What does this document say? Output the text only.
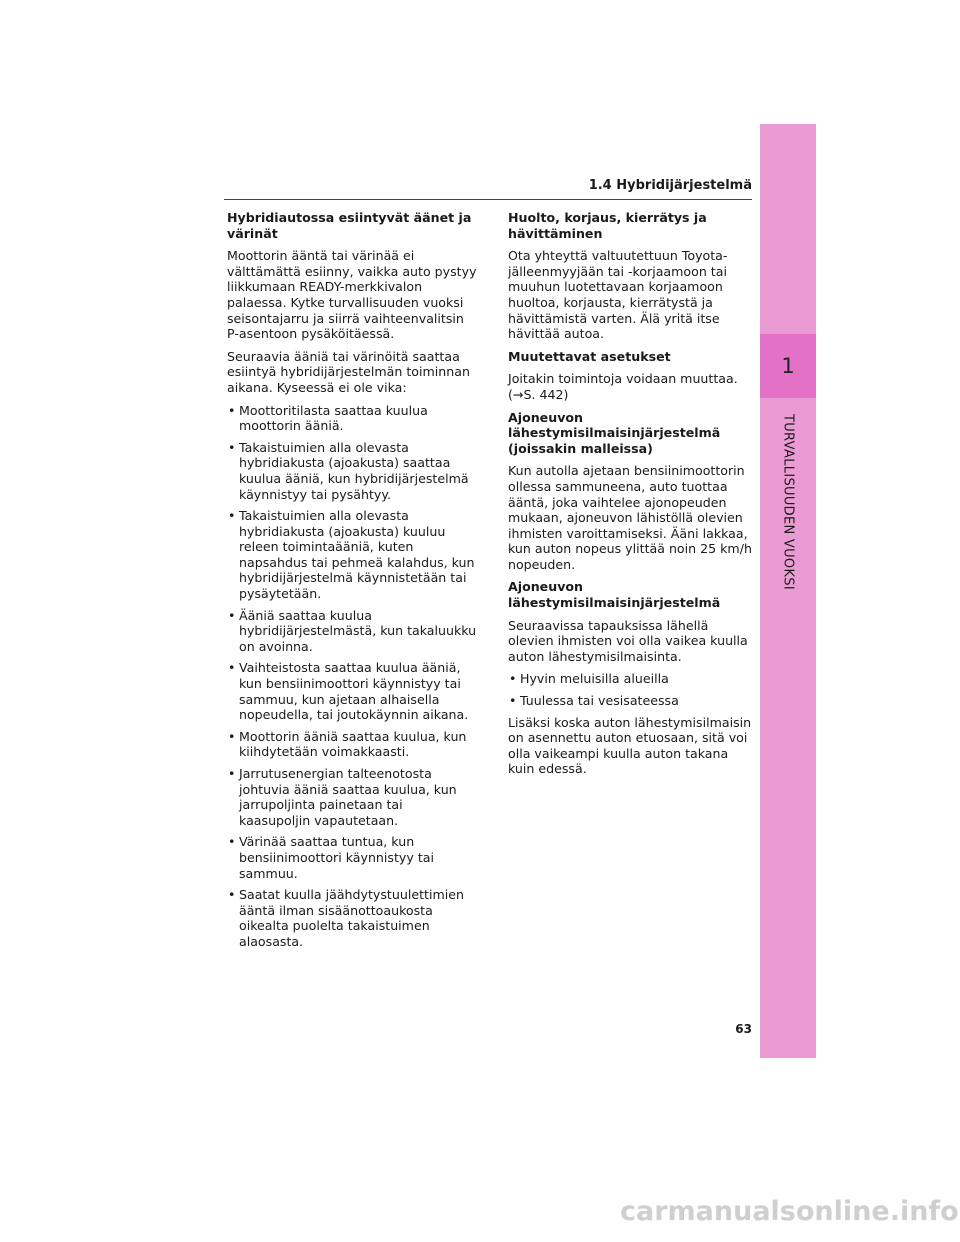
1
TURVALLISUUDEN VUOKSI
1.4 Hybridijärjestelmä
Hybridiautossa esiintyvät äänet ja värinät

Moottorin ääntä tai värinää ei välttämättä esiinny, vaikka auto pystyy liikkumaan READY-merkkivalon palaessa. Kytke turvallisuuden vuoksi seisontajarru ja siirrä vaihteenvalitsin P-asentoon pysäköitäessä.

Seuraavia ääniä tai värinöitä saattaa esiintyä hybridijärjestelmän toiminnan aikana. Kyseessä ei ole vika:

• Moottoritilasta saattaa kuulua moottorin ääniä.
• Takaistuimien alla olevasta hybridiakusta (ajoakusta) saattaa kuulua ääniä, kun hybridijärjestelmä käynnistyy tai pysähtyy.
• Takaistuimien alla olevasta hybridiakusta (ajoakusta) kuuluu releen toimintaääniä, kuten napsahdus tai pehmeä kalahdus, kun hybridijärjestelmä käynnistetään tai pysäytetään.
• Ääniä saattaa kuulua hybridijärjestelmästä, kun takaluukku on avoinna.
• Vaihteistosta saattaa kuulua ääniä, kun bensiinimoottori käynnistyy tai sammuu, kun ajetaan alhaisella nopeudella, tai joutokäynnin aikana.
• Moottorin ääniä saattaa kuulua, kun kiihdytetään voimakkaasti.
• Jarrutusenergian talteenotosta johtuvia ääniä saattaa kuulua, kun jarrupoljinta painetaan tai kaasupoljin vapautetaan.
• Värinää saattaa tuntua, kun bensiinimoottori käynnistyy tai sammuu.
• Saatat kuulla jäähdytystuulettimien ääntä ilman sisäänottoaukosta oikealta puolelta takaistuimen alaosasta.
Huolto, korjaus, kierrätys ja hävittäminen

Ota yhteyttä valtuutettuun Toyota-jälleenmyyjään tai -korjaamoon tai muuhun luotettavaan korjaamoon huoltoa, korjausta, kierrätystä ja hävittämistä varten. Älä yritä itse hävittää autoa.

Muutettavat asetukset

Joitakin toimintoja voidaan muuttaa. (→S. 442)

Ajoneuvon lähestymisilmaisinjärjestelmä (joissakin malleissa)

Kun autolla ajetaan bensiinimoottorin ollessa sammuneena, auto tuottaa ääntä, joka vaihtelee ajonopeuden mukaan, ajoneuvon lähistöllä olevien ihmisten varoittamiseksi. Ääni lakkaa, kun auton nopeus ylittää noin 25 km/h nopeuden.

Ajoneuvon lähestymisilmaisinjärjestelmä

Seuraavissa tapauksissa lähellä olevien ihmisten voi olla vaikea kuulla auton lähestymisilmaisinta.

• Hyvin meluisilla alueilla
• Tuulessa tai vesisateessa

Lisäksi koska auton lähestymisilmaisin on asennettu auton etuosaan, sitä voi olla vaikeampi kuulla auton takana kuin edessä.

63
carmanualsonline.info
